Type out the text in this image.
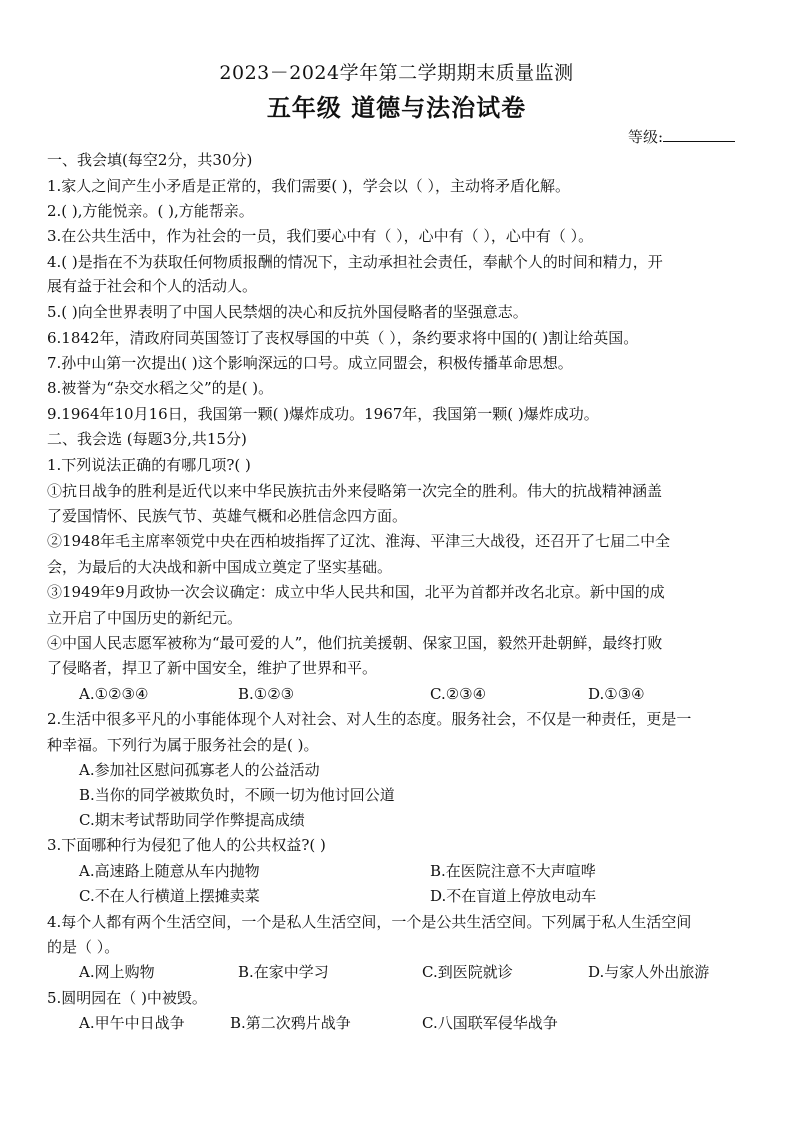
2023－2024学年第二学期期末质量监测
五年级 道德与法治试卷
等级:
一、我会填(每空2分，共30分)
1.家人之间产生小矛盾是正常的，我们需要( )，学会以（ ），主动将矛盾化解。
2.( ),方能悦亲。( ),方能帮亲。
3.在公共生活中，作为社会的一员，我们要心中有（ ），心中有（ ），心中有（ ）。
4.( )是指在不为获取任何物质报酬的情况下，主动承担社会责任，奉献个人的时间和精力，开
展有益于社会和个人的活动人。
5.( )向全世界表明了中国人民禁烟的决心和反抗外国侵略者的坚强意志。
6.1842年，清政府同英国签订了丧权辱国的中英（ ），条约要求将中国的( )割让给英国。
7.孙中山第一次提出( )这个影响深远的口号。成立同盟会，积极传播革命思想。
8.被誉为“杂交水稻之父”的是( )。
9.1964年10月16日，我国第一颗( )爆炸成功。1967年，我国第一颗( )爆炸成功。
二、我会选 (每题3分,共15分)
1.下列说法正确的有哪几项?( )
①抗日战争的胜利是近代以来中华民族抗击外来侵略第一次完全的胜利。伟大的抗战精神涵盖
了爱国情怀、民族气节、英雄气概和必胜信念四方面。
②1948年毛主席率领党中央在西柏坡指挥了辽沈、淮海、平津三大战役，还召开了七届二中全
会，为最后的大决战和新中国成立奠定了坚实基础。
③1949年9月政协一次会议确定：成立中华人民共和国，北平为首都并改名北京。新中国的成
立开启了中国历史的新纪元。
④中国人民志愿军被称为“最可爱的人”，他们抗美援朝、保家卫国，毅然开赴朝鲜，最终打败
了侵略者，捍卫了新中国安全，维护了世界和平。
A.①②③④	B.①②③	C.②③④	D.①③④
2.生活中很多平凡的小事能体现个人对社会、对人生的态度。服务社会，不仅是一种责任，更是一
种幸福。下列行为属于服务社会的是( )。
A.参加社区慰问孤寡老人的公益活动
B.当你的同学被欺负时，不顾一切为他讨回公道
C.期末考试帮助同学作弊提高成绩
3.下面哪种行为侵犯了他人的公共权益?( )
A.高速路上随意从车内抛物	B.在医院注意不大声喧哗
C.不在人行横道上摆摊卖菜	D.不在盲道上停放电动车
4.每个人都有两个生活空间，一个是私人生活空间，一个是公共生活空间。下列属于私人生活空间
的是（ ）。
A.网上购物	B.在家中学习	C.到医院就诊	D.与家人外出旅游
5.圆明园在（ )中被毁。
A.甲午中日战争	B.第二次鸦片战争	C.八国联军侵华战争
